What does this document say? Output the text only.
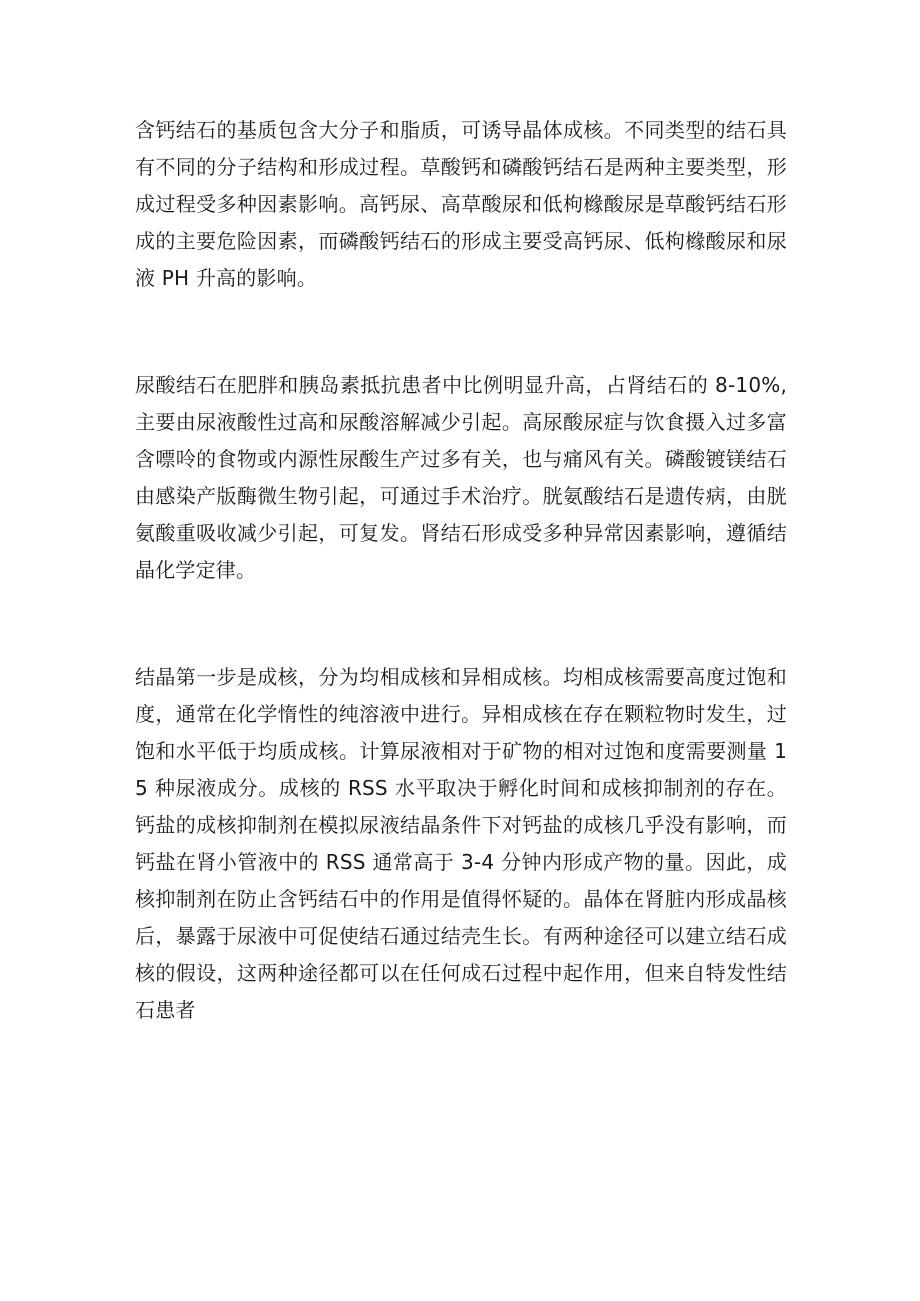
含钙结石的基质包含大分子和脂质，可诱导晶体成核。不同类型的结石具有不同的分子结构和形成过程。草酸钙和磷酸钙结石是两种主要类型，形成过程受多种因素影响。高钙尿、高草酸尿和低枸橼酸尿是草酸钙结石形成的主要危险因素，而磷酸钙结石的形成主要受高钙尿、低枸橼酸尿和尿液 PH 升高的影响。

尿酸结石在肥胖和胰岛素抵抗患者中比例明显升高，占肾结石的 8-10%,主要由尿液酸性过高和尿酸溶解减少引起。高尿酸尿症与饮食摄入过多富含嘌呤的食物或内源性尿酸生产过多有关，也与痛风有关。磷酸镀镁结石由感染产版酶微生物引起，可通过手术治疗。胱氨酸结石是遗传病，由胱氨酸重吸收减少引起，可复发。肾结石形成受多种异常因素影响，遵循结晶化学定律。

结晶第一步是成核，分为均相成核和异相成核。均相成核需要高度过饱和度，通常在化学惰性的纯溶液中进行。异相成核在存在颗粒物时发生，过饱和水平低于均质成核。计算尿液相对于矿物的相对过饱和度需要测量 15 种尿液成分。成核的 RSS 水平取决于孵化时间和成核抑制剂的存在。钙盐的成核抑制剂在模拟尿液结晶条件下对钙盐的成核几乎没有影响，而钙盐在肾小管液中的 RSS 通常高于 3-4 分钟内形成产物的量。因此，成核抑制剂在防止含钙结石中的作用是值得怀疑的。晶体在肾脏内形成晶核后，暴露于尿液中可促使结石通过结壳生长。有两种途径可以建立结石成核的假设，这两种途径都可以在任何成石过程中起作用，但来自特发性结石患者
